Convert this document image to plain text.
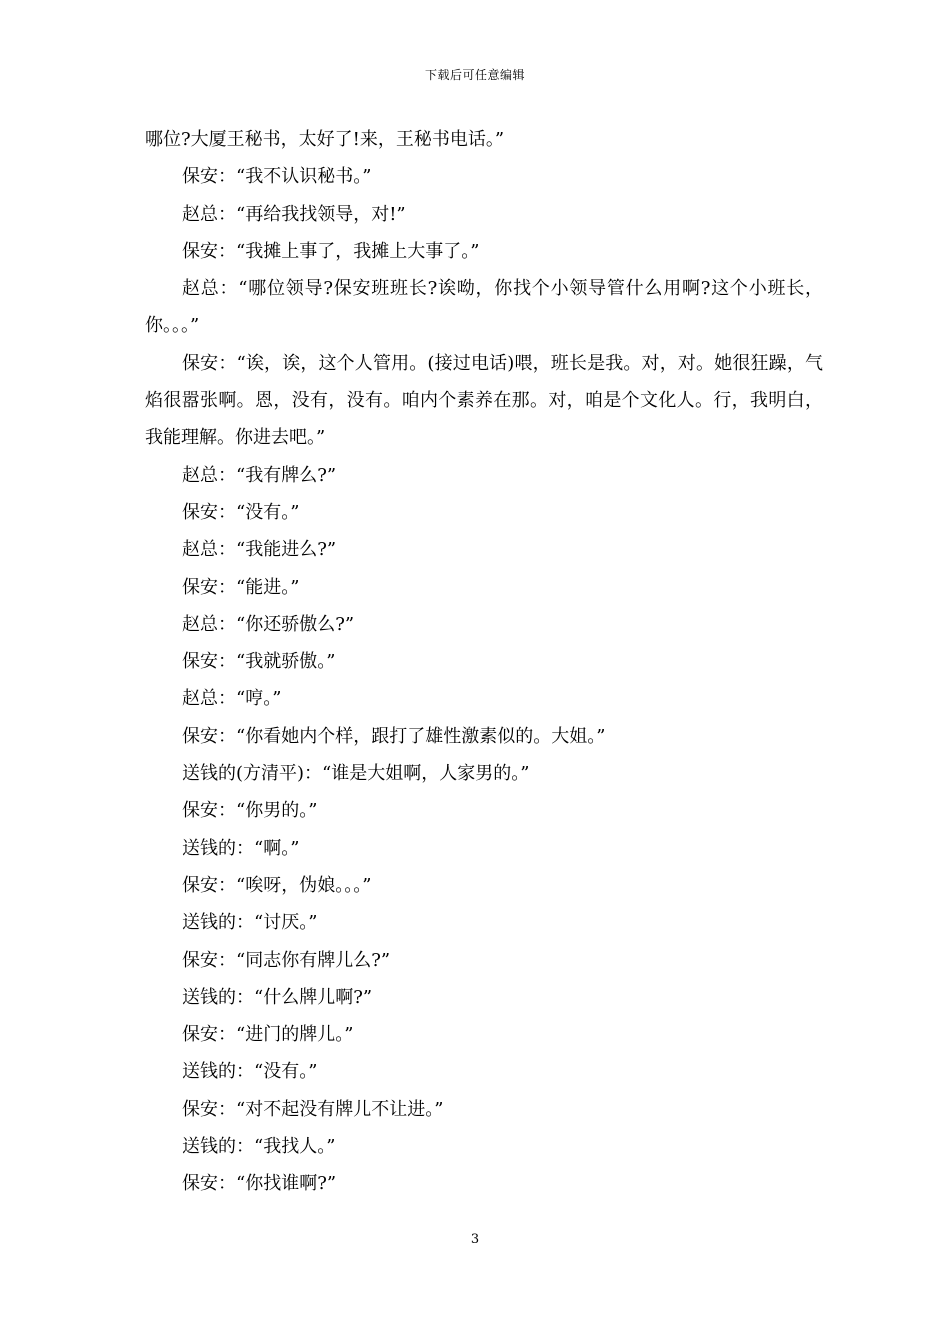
下载后可任意编辑

哪位?大厦王秘书，太好了!来，王秘书电话。”

保安：“我不认识秘书。”

赵总：“再给我找领导，对!”

保安：“我摊上事了，我摊上大事了。”

赵总：“哪位领导?保安班班长?诶呦，你找个小领导管什么用啊?这个小班长，你。。。”

保安：“诶，诶，这个人管用。(接过电话)喂，班长是我。对，对。她很狂躁，气焰很嚣张啊。恩，没有，没有。咱内个素养在那。对，咱是个文化人。行，我明白，我能理解。你进去吧。”

赵总：“我有牌么?”

保安：“没有。”

赵总：“我能进么?”

保安：“能进。”

赵总：“你还骄傲么?”

保安：“我就骄傲。”

赵总：“哼。”

保安：“你看她内个样，跟打了雄性激素似的。大姐。”

送钱的(方清平)：“谁是大姐啊，人家男的。”

保安：“你男的。”

送钱的：“啊。”

保安：“唉呀，伪娘。。。”

送钱的：“讨厌。”

保安：“同志你有牌儿么?”

送钱的：“什么牌儿啊?”

保安：“进门的牌儿。”

送钱的：“没有。”

保安：“对不起没有牌儿不让进。”

送钱的：“我找人。”

保安：“你找谁啊?”

3
